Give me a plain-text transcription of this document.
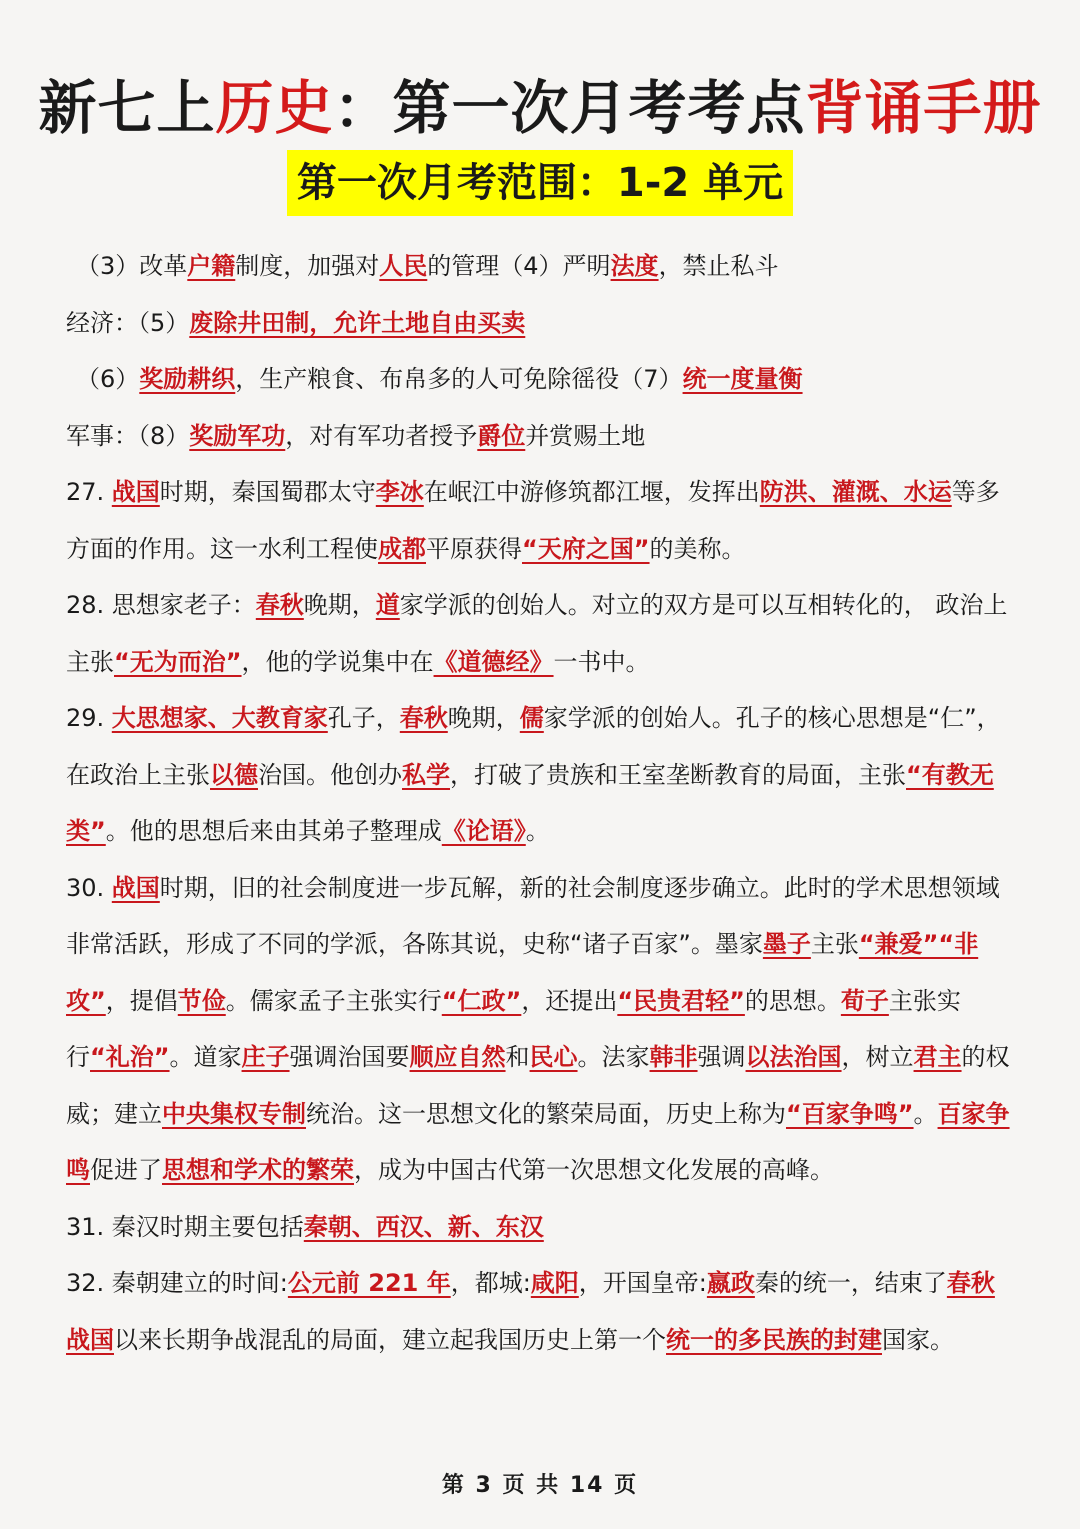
新七上历史：第一次月考考点背诵手册
第一次月考范围：1-2 单元

（3）改革户籍制度，加强对人民的管理（4）严明法度，禁止私斗

经济：（5）废除井田制，允许土地自由买卖

（6）奖励耕织，生产粮食、布帛多的人可免除徭役（7）统一度量衡

军事：（8）奖励军功，对有军功者授予爵位并赏赐土地

27. 战国时期，秦国蜀郡太守李冰在岷江中游修筑都江堰，发挥出防洪、灌溉、水运等多方面的作用。这一水利工程使成都平原获得“天府之国”的美称。

28. 思想家老子：春秋晚期，道家学派的创始人。对立的双方是可以互相转化的， 政治上主张“无为而治”，他的学说集中在《道德经》一书中。

29. 大思想家、大教育家孔子，春秋晚期，儒家学派的创始人。孔子的核心思想是“仁”，在政治上主张以德治国。他创办私学，打破了贵族和王室垄断教育的局面，主张“有教无类”。他的思想后来由其弟子整理成《论语》。

30. 战国时期，旧的社会制度进一步瓦解，新的社会制度逐步确立。此时的学术思想领域非常活跃，形成了不同的学派，各陈其说，史称“诸子百家”。墨家墨子主张“兼爱”“非攻”，提倡节俭。儒家孟子主张实行“仁政”，还提出“民贵君轻”的思想。荀子主张实行“礼治”。道家庄子强调治国要顺应自然和民心。法家韩非强调以法治国，树立君主的权威；建立中央集权专制统治。这一思想文化的繁荣局面，历史上称为“百家争鸣”。百家争鸣促进了思想和学术的繁荣，成为中国古代第一次思想文化发展的高峰。

31. 秦汉时期主要包括秦朝、西汉、新、东汉

32. 秦朝建立的时间:公元前 221 年，都城:咸阳，开国皇帝:嬴政秦的统一，结束了春秋战国以来长期争战混乱的局面，建立起我国历史上第一个统一的多民族的封建国家。

第 3 页 共 14 页
